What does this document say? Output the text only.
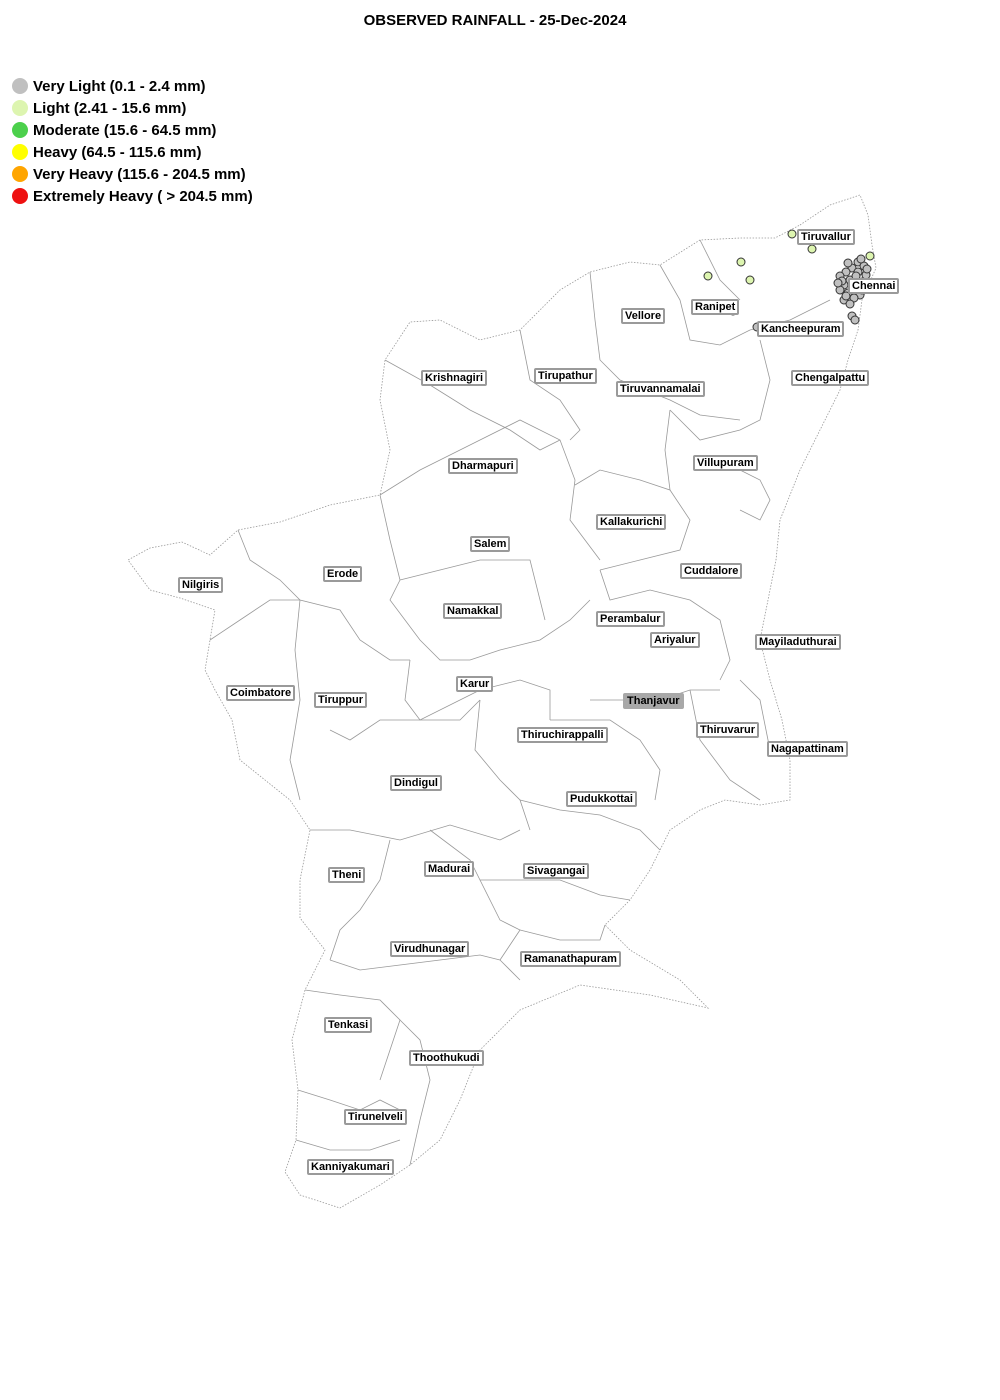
OBSERVED RAINFALL - 25-Dec-2024
Very Light (0.1 - 2.4 mm)
Light (2.41 - 15.6 mm)
Moderate (15.6 - 64.5 mm)
Heavy (64.5 - 115.6 mm)
Very Heavy (115.6 - 204.5 mm)
Extremely Heavy ( > 204.5 mm)
Tiruvallur
Chennai
Ranipet
Vellore
Kancheepuram
Krishnagiri	Tirupathur
Tiruvannamalai
Chengalpattu
Dharmapuri	Villupuram
Kallakurichi
Salem
Erode
Nilgiris
Cuddalore
Namakkal
Perambalur
Ariyalur	Mayiladuthurai
Coimbatore
Tiruppur
Karur
Thanjavur
Thiruvarur
Thiruchirappalli
Nagapattinam
Dindigul
Pudukkottai
Theni	Madurai	Sivagangai
Virudhunagar
Ramanathapuram
Tenkasi
Thoothukudi
Tirunelveli
Kanniyakumari
